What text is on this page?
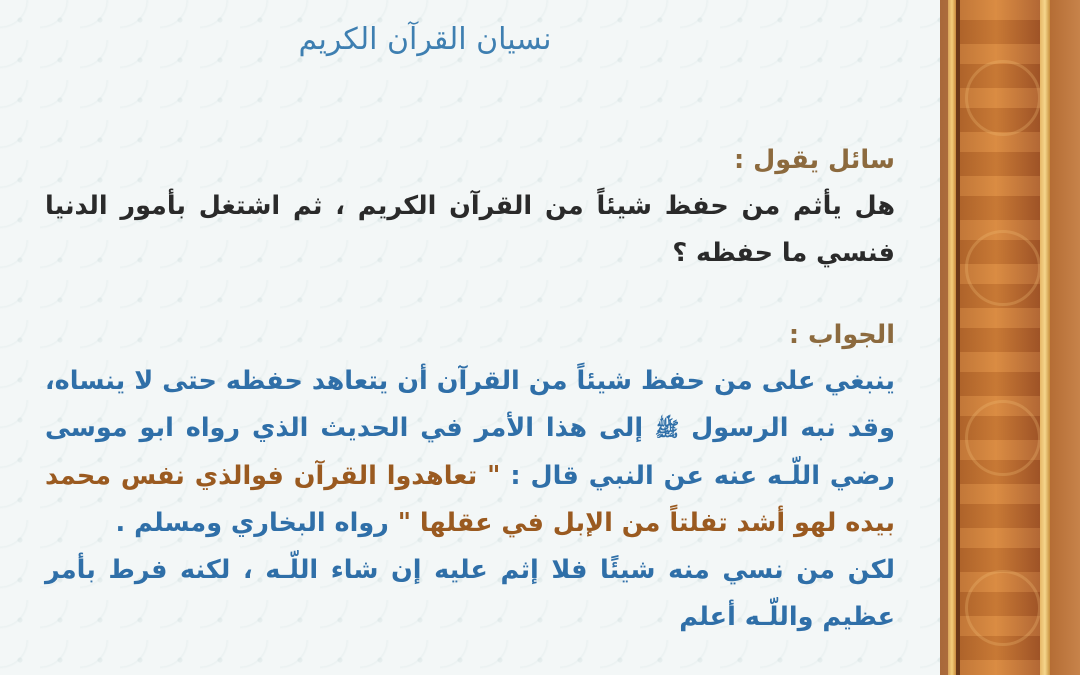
نسيان القرآن الكريم
سائل يقول :
هل يأثم من حفظ شيئاً من القرآن الكريم ، ثم اشتغل بأمور الدنيا فنسي ما حفظه ؟
الجواب :
ينبغي على من حفظ شيئاً من القرآن أن يتعاهد حفظه حتى لا ينساه، وقد نبه الرسول ﷺ إلى هذا الأمر في الحديث الذي رواه ابو موسى رضي اللّـه عنه عن النبي قال : " تعاهدوا القرآن فوالذي نفس محمد بيده لهو أشد تفلتاً من الإبل في عقلها " رواه البخاري ومسلم .
لكن من نسي منه شيئًا فلا إثم عليه إن شاء اللّـه ، لكنه فرط بأمر عظيم واللّـه أعلم
